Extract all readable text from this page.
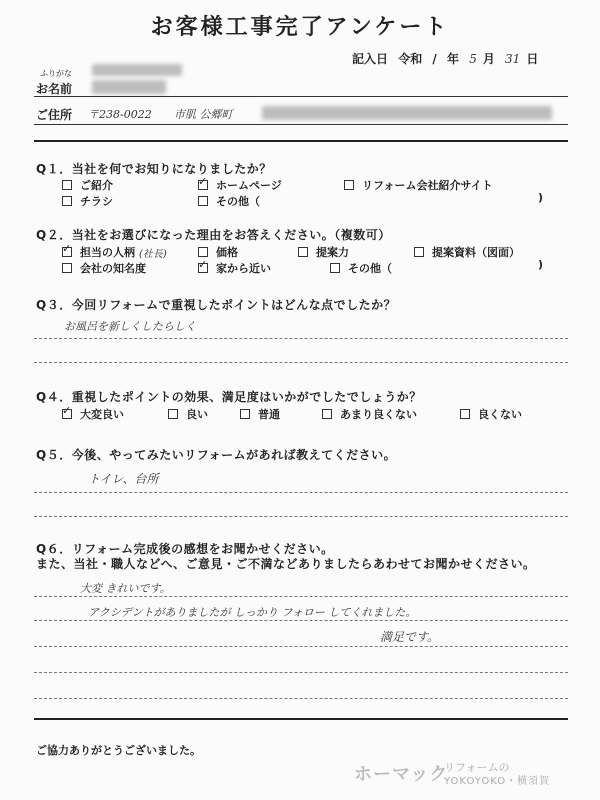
お客様工事完了アンケート
記入日 令和 / 年 5 月 31 日
ふりがな
お名前
ご住所 〒238-0022 市肌 公郷町
Q１．当社を何でお知りになりましたか？
ご紹介 ✓	ホームページ	リフォーム会社紹介サイト
チラシ	その他（	)
Q２．当社をお選びになった理由をお答えください。（複数可）
✓
担当の人柄 (社長)	価格	提案力	提案資料（図面）
会社の知名度 ✓	家から近い	その他（	)
Q３．今回リフォームで重視したポイントはどんな点でしたか？
お風呂を新しくしたらしく
Q４．重視したポイントの効果、満足度はいかがでしたでしょうか？
✓
大変良い	良い	普通	あまり良くない	良くない
Q５．今後、やってみたいリフォームがあれば教えてください。
トイレ、台所
Q６．リフォーム完成後の感想をお聞かせください。
また、当社・職人などへ、ご意見・ご不満などありましたらあわせてお聞かせください。
大変 きれいです。
アクシデントがありましたが しっかり フォロー してくれました。
満足です。
ご協力ありがとうございました。
ホーマック
リフォームの
YOKOYOKO・横須賀
